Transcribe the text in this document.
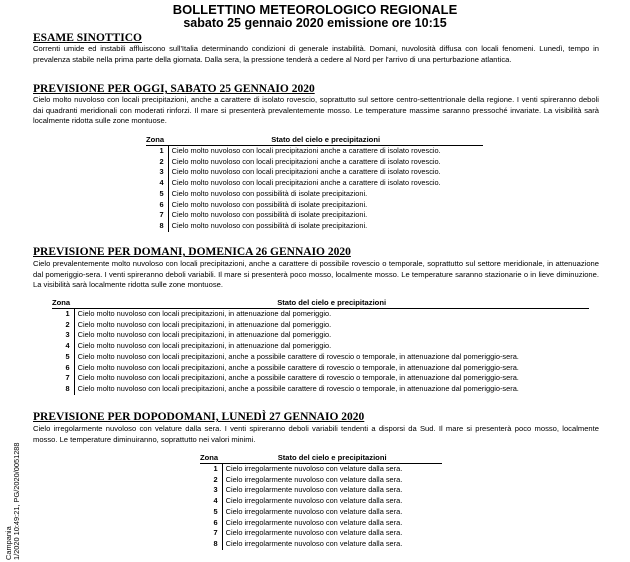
BOLLETTINO METEOROLOGICO REGIONALE
sabato 25 gennaio 2020 emissione ore 10:15
ESAME SINOTTICO

Correnti umide ed instabili affluiscono sull'Italia determinando condizioni di generale instabilità. Domani, nuvolosità diffusa con locali fenomeni. Lunedì, tempo in prevalenza stabile nella prima parte della giornata. Dalla sera, la pressione tenderà a cedere al Nord per l'arrivo di una perturbazione atlantica.

PREVISIONE PER OGGI, SABATO 25 GENNAIO 2020

Cielo molto nuvoloso con locali precipitazioni, anche a carattere di isolato rovescio, soprattutto sul settore centro-settentrionale della regione. I venti spireranno deboli dai quadranti meridionali con moderati rinforzi. Il mare si presenterà prevalentemente mosso. Le temperature massime saranno pressoché invariate. La visibilità sarà localmente ridotta sulle zone montuose.

Zona	Stato del cielo e precipitazioni
1	Cielo molto nuvoloso con locali precipitazioni anche a carattere di isolato rovescio.
2	Cielo molto nuvoloso con locali precipitazioni anche a carattere di isolato rovescio.
3	Cielo molto nuvoloso con locali precipitazioni anche a carattere di isolato rovescio.
4	Cielo molto nuvoloso con locali precipitazioni anche a carattere di isolato rovescio.
5	Cielo molto nuvoloso con possibilità di isolate precipitazioni.
6	Cielo molto nuvoloso con possibilità di isolate precipitazioni.
7	Cielo molto nuvoloso con possibilità di isolate precipitazioni.
8	Cielo molto nuvoloso con possibilità di isolate precipitazioni.
PREVISIONE PER DOMANI, DOMENICA 26 GENNAIO 2020

Cielo prevalentemente molto nuvoloso con locali precipitazioni, anche a carattere di possibile rovescio o temporale, soprattutto sul settore meridionale, in attenuazione dal pomeriggio-sera. I venti spireranno deboli variabili. Il mare si presenterà poco mosso, localmente mosso. Le temperature saranno stazionarie o in lieve diminuzione. La visibilità sarà localmente ridotta sulle zone montuose.

Zona	Stato del cielo e precipitazioni
1	Cielo molto nuvoloso con locali precipitazioni, in attenuazione dal pomeriggio.
2	Cielo molto nuvoloso con locali precipitazioni, in attenuazione dal pomeriggio.
3	Cielo molto nuvoloso con locali precipitazioni, in attenuazione dal pomeriggio.
4	Cielo molto nuvoloso con locali precipitazioni, in attenuazione dal pomeriggio.
5	Cielo molto nuvoloso con locali precipitazioni, anche a possibile carattere di rovescio o temporale, in attenuazione dal pomeriggio-sera.
6	Cielo molto nuvoloso con locali precipitazioni, anche a possibile carattere di rovescio o temporale, in attenuazione dal pomeriggio-sera.
7	Cielo molto nuvoloso con locali precipitazioni, anche a possibile carattere di rovescio o temporale, in attenuazione dal pomeriggio-sera.
8	Cielo molto nuvoloso con locali precipitazioni, anche a possibile carattere di rovescio o temporale, in attenuazione dal pomeriggio-sera.
PREVISIONE PER DOPODOMANI, LUNEDÌ 27 GENNAIO 2020

Cielo irregolarmente nuvoloso con velature dalla sera. I venti spireranno deboli variabili tendenti a disporsi da Sud. Il mare si presenterà poco mosso, localmente mosso. Le temperature diminuiranno, soprattutto nei valori minimi.

Zona	Stato del cielo e precipitazioni
1	Cielo irregolarmente nuvoloso con velature dalla sera.
2	Cielo irregolarmente nuvoloso con velature dalla sera.
3	Cielo irregolarmente nuvoloso con velature dalla sera.
4	Cielo irregolarmente nuvoloso con velature dalla sera.
5	Cielo irregolarmente nuvoloso con velature dalla sera.
6	Cielo irregolarmente nuvoloso con velature dalla sera.
7	Cielo irregolarmente nuvoloso con velature dalla sera.
8	Cielo irregolarmente nuvoloso con velature dalla sera.
Campania
1/2020 10:49:21, PG/2020/0051288
